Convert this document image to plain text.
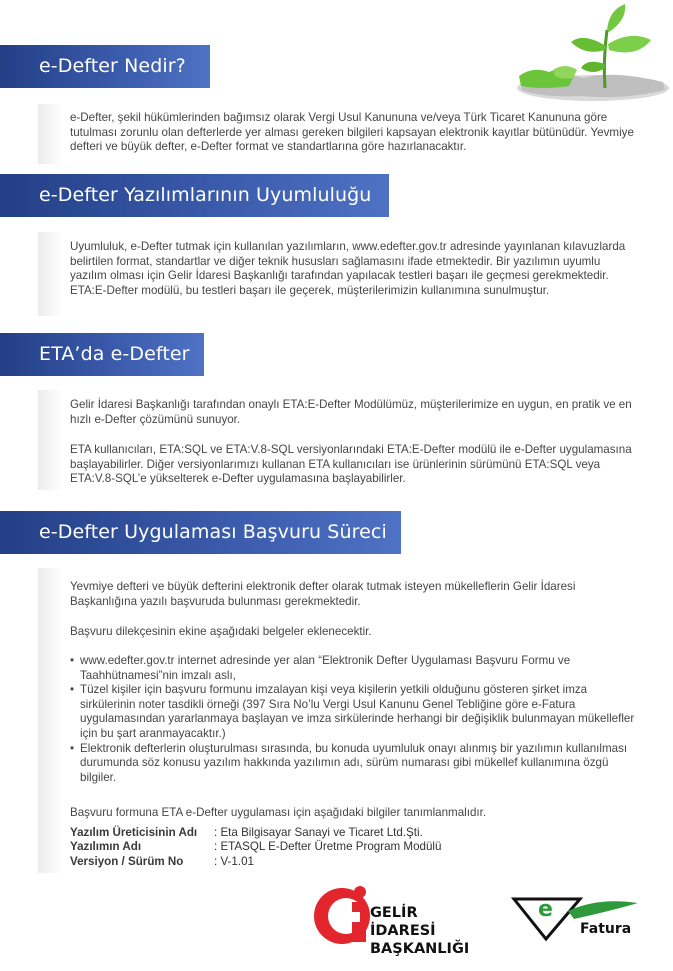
e-Defter Nedir?

e-Defter, şekil hükümlerinden bağımsız olarak Vergi Usul Kanununa ve/veya Türk Ticaret Kanununa göre tutulması zorunlu olan defterlerde yer alması gereken bilgileri kapsayan elektronik kayıtlar bütünüdür. Yevmiye defteri ve büyük defter, e-Defter format ve standartlarına göre hazırlanacaktır.

e-Defter Yazılımlarının Uyumluluğu

Uyumluluk, e-Defter tutmak için kullanılan yazılımların, www.edefter.gov.tr adresinde yayınlanan kılavuzlarda belirtilen format, standartlar ve diğer teknik hususları sağlamasını ifade etmektedir. Bir yazılımın uyumlu yazılım olması için Gelir İdaresi Başkanlığı tarafından yapılacak testleri başarı ile geçmesi gerekmektedir. ETA:E-Defter modülü, bu testleri başarı ile geçerek, müşterilerimizin kullanımına sunulmuştur.

ETA’da e-Defter

Gelir İdaresi Başkanlığı tarafından onaylı ETA:E-Defter Modülümüz, müşterilerimize en uygun, en pratik ve en hızlı e-Defter çözümünü sunuyor.

ETA kullanıcıları, ETA:SQL ve ETA:V.8-SQL versiyonlarındaki ETA:E-Defter modülü ile e-Defter uygulamasına başlayabilirler. Diğer versiyonlarımızı kullanan ETA kullanıcıları ise ürünlerinin sürümünü ETA:SQL veya ETA:V.8-SQL’e yükselterek e-Defter uygulamasına başlayabilirler.

e-Defter Uygulaması Başvuru Süreci

Yevmiye defteri ve büyük defterini elektronik defter olarak tutmak isteyen mükelleflerin Gelir İdaresi Başkanlığına yazılı başvuruda bulunması gerekmektedir.

Başvuru dilekçesinin ekine aşağıdaki belgeler eklenecektir.

• www.edefter.gov.tr internet adresinde yer alan “Elektronik Defter Uygulaması Başvuru Formu ve Taahhütnamesi”nin imzalı aslı,
• Tüzel kişiler için başvuru formunu imzalayan kişi veya kişilerin yetkili olduğunu gösteren şirket imza sirkülerinin noter tasdikli örneği (397 Sıra No’lu Vergi Usul Kanunu Genel Tebliğine göre e-Fatura uygulamasından yararlanmaya başlayan ve imza sirkülerinde herhangi bir değişiklik bulunmayan mükellefler için bu şart aranmayacaktır.)
• Elektronik defterlerin oluşturulması sırasında, bu konuda uyumluluk onayı alınmış bir yazılımın kullanılması durumunda söz konusu yazılım hakkında yazılımın adı, sürüm numarası gibi mükellef kullanımına özgü bilgiler.

Başvuru formuna ETA e-Defter uygulaması için aşağıdaki bilgiler tanımlanmalıdır.

Yazılım Üreticisinin Adı	: Eta Bilgisayar Sanayi ve Ticaret Ltd.Şti.
Yazılımın Adı	: ETASQL E-Defter Üretme Program Modülü
Versiyon / Sürüm No	: V-1.01
GELİR İDARESİ
BAŞKANLIĞI
e
Fatura
